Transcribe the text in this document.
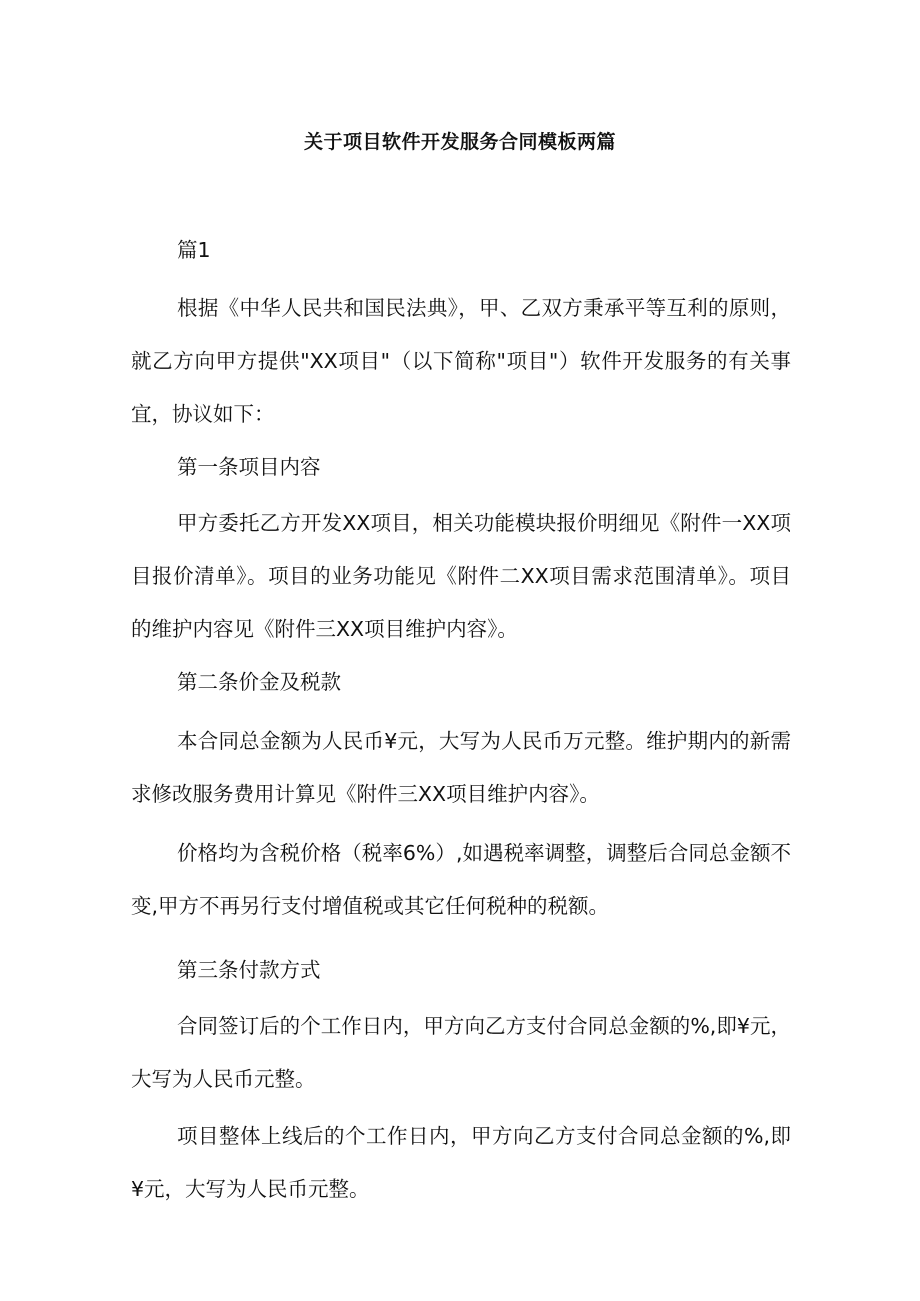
关于项目软件开发服务合同模板两篇
篇1

根据《中华人民共和国民法典》，甲、乙双方秉承平等互利的原则，就乙方向甲方提供"XX项目"（以下简称"项目"）软件开发服务的有关事宜，协议如下：

第一条项目内容

甲方委托乙方开发XX项目，相关功能模块报价明细见《附件一XX项目报价清单》。项目的业务功能见《附件二XX项目需求范围清单》。项目的维护内容见《附件三XX项目维护内容》。

第二条价金及税款

本合同总金额为人民币¥元，大写为人民币万元整。维护期内的新需求修改服务费用计算见《附件三XX项目维护内容》。

价格均为含税价格（税率6%）,如遇税率调整，调整后合同总金额不变,甲方不再另行支付增值税或其它任何税种的税额。

第三条付款方式

合同签订后的个工作日内，甲方向乙方支付合同总金额的%,即¥元，大写为人民币元整。

项目整体上线后的个工作日内，甲方向乙方支付合同总金额的%,即¥元，大写为人民币元整。
